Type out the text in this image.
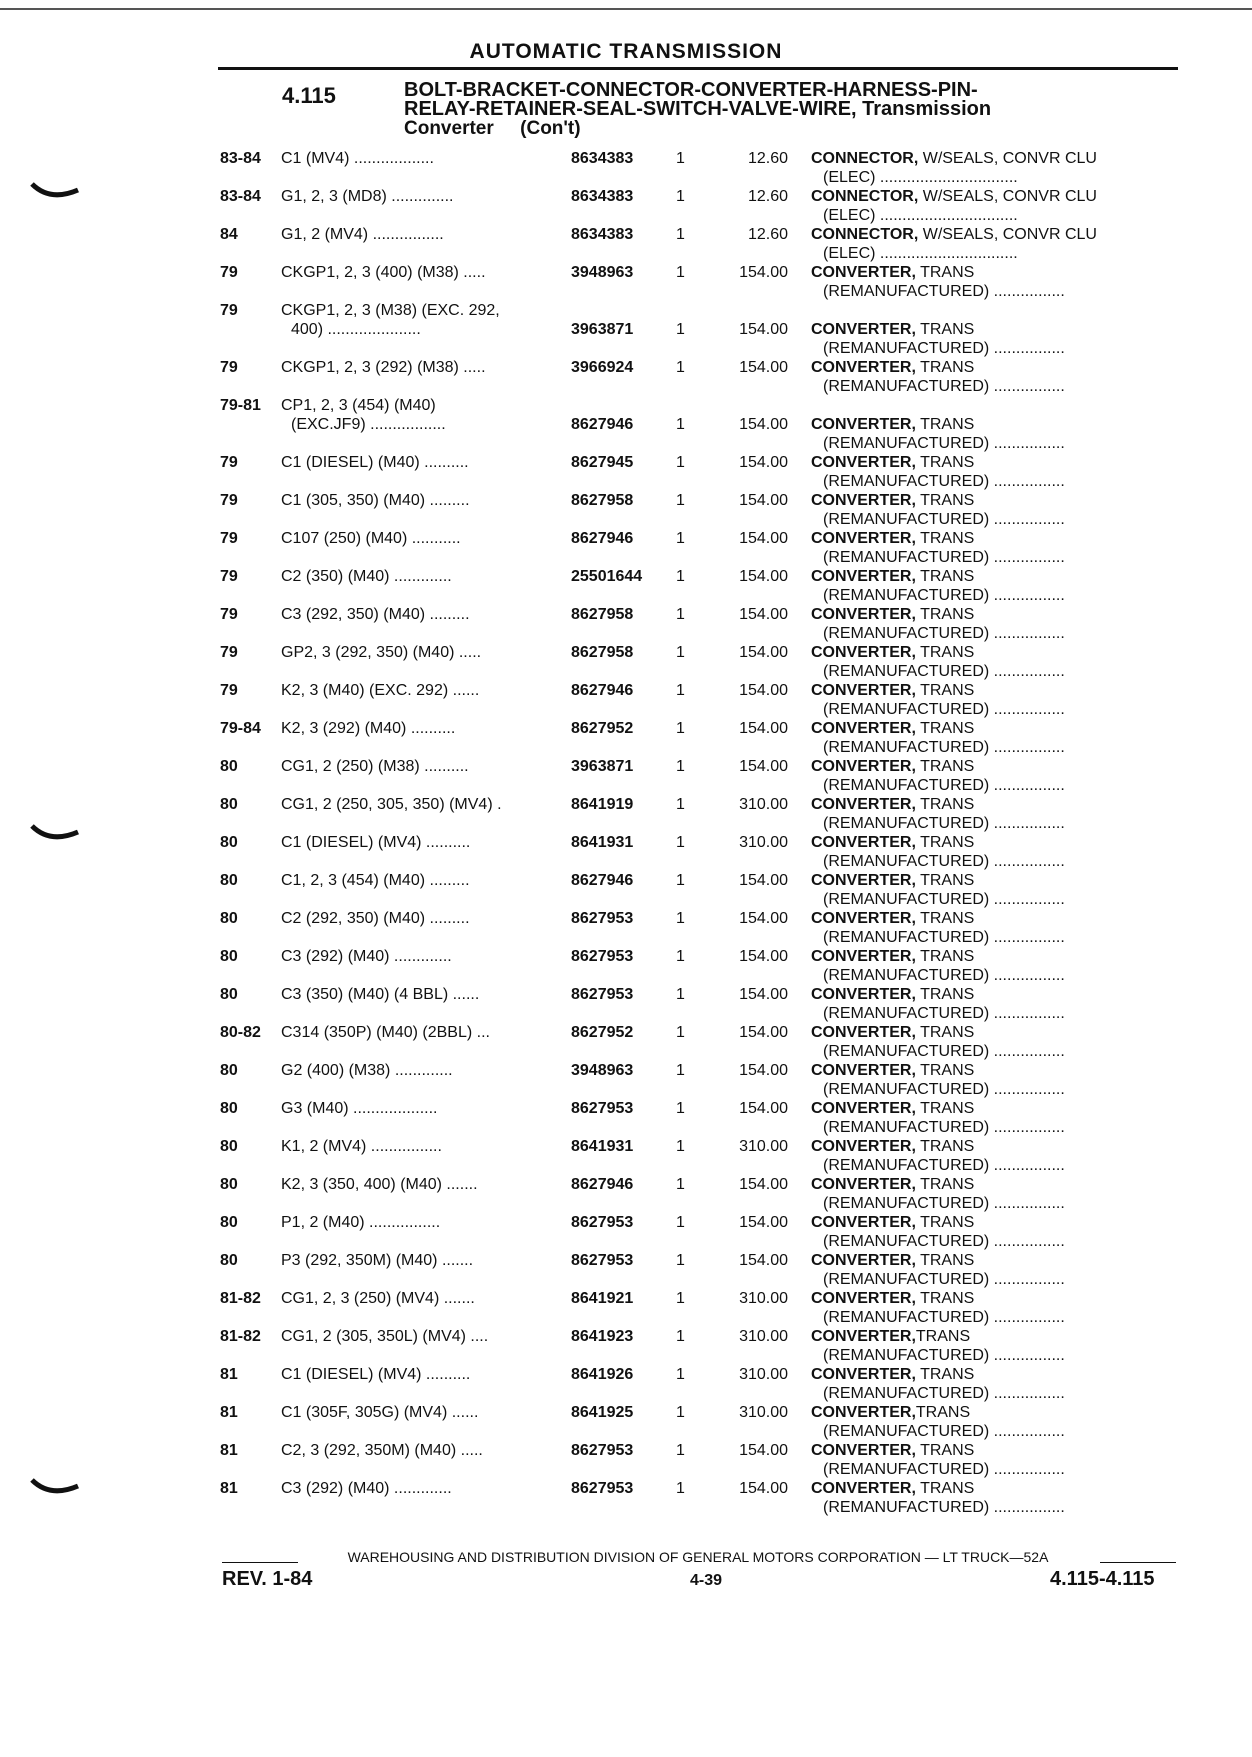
AUTOMATIC TRANSMISSION
4.115	BOLT-BRACKET-CONNECTOR-CONVERTER-HARNESS-PIN-
RELAY-RETAINER-SEAL-SWITCH-VALVE-WIRE, Transmission
Converter     (Con't)
83-84 C1 (MV4) ..................	8634383	1	12.60 CONNECTOR, W/SEALS, CONVR CLU
(ELEC) ...............................
83-84 G1, 2, 3 (MD8) ..............	8634383	1	12.60 CONNECTOR, W/SEALS, CONVR CLU
(ELEC) ...............................
84	G1, 2 (MV4) ................	8634383	1	12.60 CONNECTOR, W/SEALS, CONVR CLU
(ELEC) ...............................
79	CKGP1, 2, 3 (400) (M38) .....	3948963	1	154.00 CONVERTER, TRANS
(REMANUFACTURED) ................
79	CKGP1, 2, 3 (M38) (EXC. 292,
400) .....................	3963871	1	154.00 CONVERTER, TRANS
(REMANUFACTURED) ................
79	CKGP1, 2, 3 (292) (M38) .....	3966924	1	154.00 CONVERTER, TRANS
(REMANUFACTURED) ................
79-81 CP1, 2, 3 (454) (M40)
(EXC.JF9) .................	8627946	1	154.00 CONVERTER, TRANS
(REMANUFACTURED) ................
79	C1 (DIESEL) (M40) ..........	8627945	1	154.00 CONVERTER, TRANS
(REMANUFACTURED) ................
79	C1 (305, 350) (M40) .........	8627958	1	154.00 CONVERTER, TRANS
(REMANUFACTURED) ................
79	C107 (250) (M40) ...........	8627946	1	154.00 CONVERTER, TRANS
(REMANUFACTURED) ................
79	C2 (350) (M40) .............	25501644 1	154.00 CONVERTER, TRANS
(REMANUFACTURED) ................
79	C3 (292, 350) (M40) .........	8627958	1	154.00 CONVERTER, TRANS
(REMANUFACTURED) ................
79	GP2, 3 (292, 350) (M40) .....	8627958	1	154.00 CONVERTER, TRANS
(REMANUFACTURED) ................
79	K2, 3 (M40) (EXC. 292) ......	8627946	1	154.00 CONVERTER, TRANS
(REMANUFACTURED) ................
79-84 K2, 3 (292) (M40) ..........	8627952	1	154.00 CONVERTER, TRANS
(REMANUFACTURED) ................
80	CG1, 2 (250) (M38) ..........	3963871	1	154.00 CONVERTER, TRANS
(REMANUFACTURED) ................
80	CG1, 2 (250, 305, 350) (MV4) .	8641919	1	310.00 CONVERTER, TRANS
(REMANUFACTURED) ................
80	C1 (DIESEL) (MV4) ..........	8641931	1	310.00 CONVERTER, TRANS
(REMANUFACTURED) ................
80	C1, 2, 3 (454) (M40) .........	8627946	1	154.00 CONVERTER, TRANS
(REMANUFACTURED) ................
80	C2 (292, 350) (M40) .........	8627953	1	154.00 CONVERTER, TRANS
(REMANUFACTURED) ................
80	C3 (292) (M40) .............	8627953	1	154.00 CONVERTER, TRANS
(REMANUFACTURED) ................
80	C3 (350) (M40) (4 BBL) ......	8627953	1	154.00 CONVERTER, TRANS
(REMANUFACTURED) ................
80-82 C314 (350P) (M40) (2BBL) ...	8627952	1	154.00 CONVERTER, TRANS
(REMANUFACTURED) ................
80	G2 (400) (M38) .............	3948963	1	154.00 CONVERTER, TRANS
(REMANUFACTURED) ................
80	G3 (M40) ...................	8627953	1	154.00 CONVERTER, TRANS
(REMANUFACTURED) ................
80	K1, 2 (MV4) ................	8641931	1	310.00 CONVERTER, TRANS
(REMANUFACTURED) ................
80	K2, 3 (350, 400) (M40) .......	8627946	1	154.00 CONVERTER, TRANS
(REMANUFACTURED) ................
80	P1, 2 (M40) ................	8627953	1	154.00 CONVERTER, TRANS
(REMANUFACTURED) ................
80	P3 (292, 350M) (M40) .......	8627953	1	154.00 CONVERTER, TRANS
(REMANUFACTURED) ................
81-82 CG1, 2, 3 (250) (MV4) .......	8641921	1	310.00 CONVERTER, TRANS
(REMANUFACTURED) ................
81-82 CG1, 2 (305, 350L) (MV4) ....	8641923	1	310.00 CONVERTER,TRANS
(REMANUFACTURED) ................
81	C1 (DIESEL) (MV4) ..........	8641926	1	310.00 CONVERTER, TRANS
(REMANUFACTURED) ................
81	C1 (305F, 305G) (MV4) ......	8641925	1	310.00 CONVERTER,TRANS
(REMANUFACTURED) ................
81	C2, 3 (292, 350M) (M40) .....	8627953	1	154.00 CONVERTER, TRANS
(REMANUFACTURED) ................
81	C3 (292) (M40) .............	8627953	1	154.00 CONVERTER, TRANS
(REMANUFACTURED) ................
WAREHOUSING AND DISTRIBUTION DIVISION OF GENERAL MOTORS CORPORATION — LT TRUCK—52A
REV. 1-84	4-39	4.115-4.115
